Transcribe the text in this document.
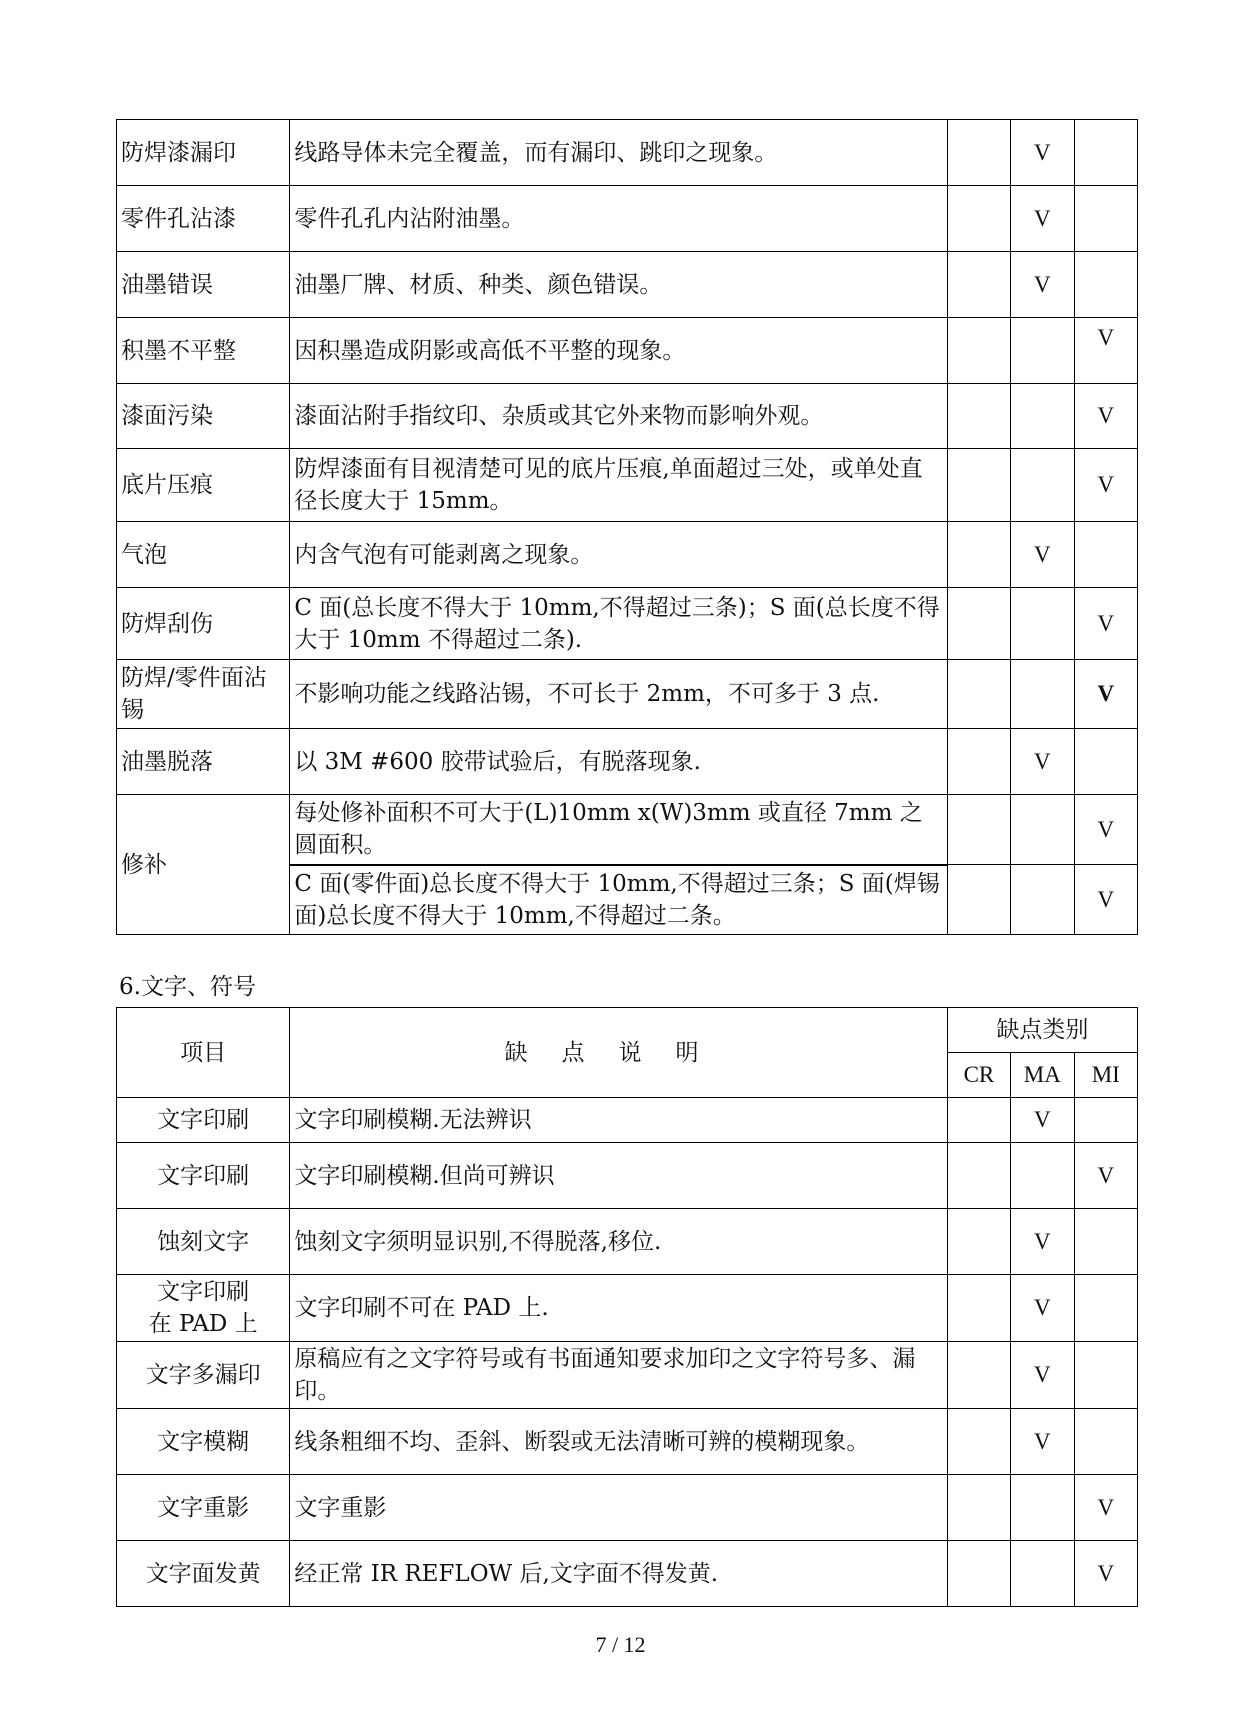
防焊漆漏印	线路导体未完全覆盖，而有漏印、跳印之现象。		V	
零件孔沾漆	零件孔孔内沾附油墨。		V	
油墨错误	油墨厂牌、材质、种类、颜色错误。		V	
积墨不平整	因积墨造成阴影或高低不平整的现象。			V
漆面污染	漆面沾附手指纹印、杂质或其它外来物而影响外观。			V
底片压痕	防焊漆面有目视清楚可见的底片压痕,单面超过三处，或单处直径长度大于 15mm。			V
气泡	内含气泡有可能剥离之现象。		V	
防焊刮伤	C 面(总长度不得大于 10mm,不得超过三条)；S 面(总长度不得大于 10mm 不得超过二条).			V
防焊/零件面沾锡	不影响功能之线路沾锡，不可长于 2mm，不可多于 3 点.			V
油墨脱落	以 3M #600 胶带试验后，有脱落现象.		V	
修补	每处修补面积不可大于(L)10mm x(W)3mm 或直径 7mm 之圆面积。			V
	C 面(零件面)总长度不得大于 10mm,不得超过三条；S 面(焊锡面)总长度不得大于 10mm,不得超过二条。			V
6.文字、符号
项目	缺点说明	缺点类别		
		CR	MA	MI
文字印刷	文字印刷模糊.无法辨识		V	
文字印刷	文字印刷模糊.但尚可辨识			V
蚀刻文字	蚀刻文字须明显识别,不得脱落,移位.		V	
文字印刷在 PAD 上	文字印刷不可在 PAD 上.		V	
文字多漏印	原稿应有之文字符号或有书面通知要求加印之文字符号多、漏印。		V	
文字模糊	线条粗细不均、歪斜、断裂或无法清晰可辨的模糊现象。		V	
文字重影	文字重影			V
文字面发黄	经正常 IR REFLOW 后,文字面不得发黄.			V
7 / 12
